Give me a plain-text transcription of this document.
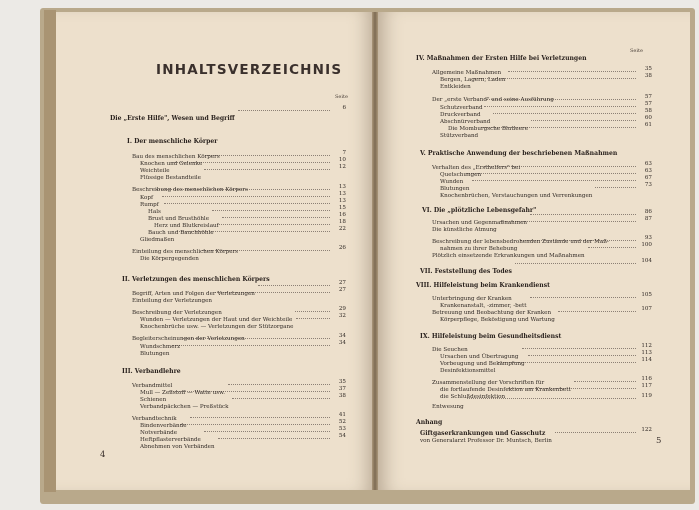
INHALTSVERZEICHNIS
Seite
Seite
4
5
Die „Erste Hilfe", Wesen und Begriff
6
I. Der menschliche Körper
Bau des menschlichen Körpers
Knochen und Gelenke
7
Weichteile
10
Flüssige Bestandteile
12
Beschreibung des menschlichen Körpers
Kopf
13
Rumpf
13
Hals
13
Brust und Brusthöhle
15
Herz und Blutkreislauf
16
Bauch und Bauchhöhle
18
Gliedmaßen
22
Einteilung des menschlichen Körpers
Die Körpergegenden
26
II. Verletzungen des menschlichen Körpers
Begriff, Arten und Folgen der Verletzungen
27
Einteilung der Verletzungen
27
Beschreibung der Verletzungen
Wunden — Verletzungen der Haut und der Weichteile
29
Knochenbrüche usw. — Verletzungen der Stützorgane
32
Begleiterscheinungen der Verletzungen
Wundschmerz
34
Blutungen
34
III. Verbandlehre
Verbandmittel
Mull — Zellstoff — Watte usw.
35
Schienen
37
Verbandpäckchen — Preßstück
38
Verbandtechnik
Bindenverbände
41
Notverbände
52
Heftpflasterverbände
53
Abnehmen von Verbänden
54
IV. Maßnahmen der Ersten Hilfe bei Verletzungen
Allgemeine Maßnahmen
Bergen, Lagern, Laden
35
Entkleiden
38
Der „erste Verband" und seine Ausführung
Schutzverband
57
Druckverband
57
Abschnürverband
58
Die Momburgsche Blutleere
60
Stützverband
61
V. Praktische Anwendung der beschriebenen Maßnahmen
Verhalten des „Ersthelfers" bei
Quetschungen
63
Wunden
63
Blutungen
67
Knochenbrüchen, Verstauchungen und Verrenkungen
73
VI. Die „plötzliche Lebensgefahr"
Ursachen und Gegenmaßnahmen
86
Die künstliche Atmung
87
Beschreibung der lebensbedrohenden Zustände und der Maß-
nahmen zu ihrer Behebung
93
Plötzlich einsetzende Erkrankungen und Maßnahmen
100
VII. Feststellung des Todes
104
VIII. Hilfeleistung beim Krankendienst
Unterbringung der Kranken
Krankenanstalt, -zimmer, -bett
105
Betreuung und Beobachtung der Kranken
Körperpflege, Beköstigung und Wartung
107
IX. Hilfeleistung beim Gesundheitsdienst
Die Seuchen
Ursachen und Übertragung
112
Vorbeugung und Bekämpfung
113
Desinfektionsmittel
114
Zusammenstellung der Vorschriften für
die fortlaufende Desinfektion am Krankenbett
116
die Schlußdesinfektion
117
Entwesung
119
Anhang
Giftgaserkrankungen und Gasschutz
von Generalarzt Professor Dr. Muntsch, Berlin
122
